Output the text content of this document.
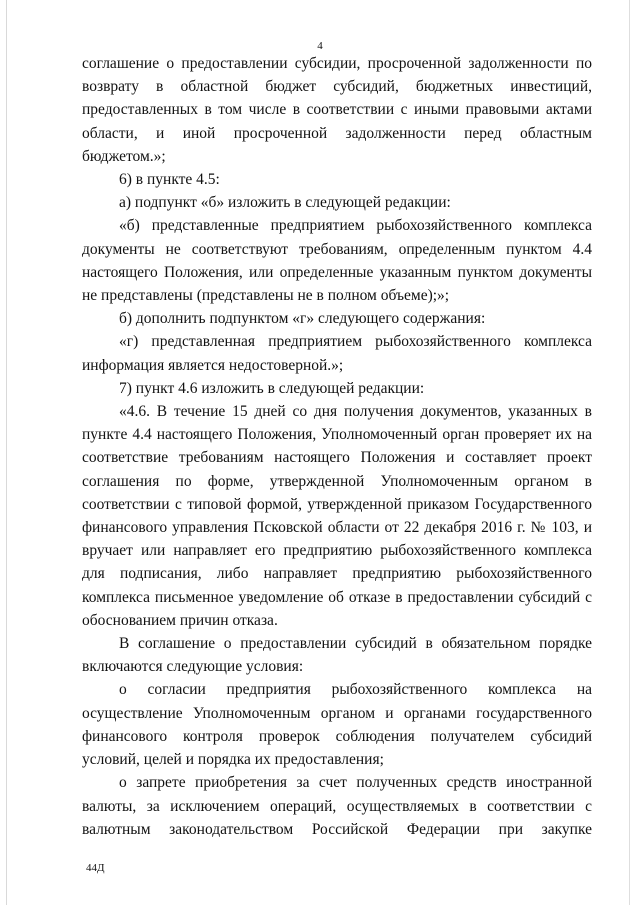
4

соглашение о предоставлении субсидии, просроченной задолженности по возврату в областной бюджет субсидий, бюджетных инвестиций, предоставленных в том числе в соответствии с иными правовыми актами области, и иной просроченной задолженности перед областным бюджетом.»;

6) в пункте 4.5:

а) подпункт «б» изложить в следующей редакции:

«б) представленные предприятием рыбохозяйственного комплекса документы не соответствуют требованиям, определенным пунктом 4.4 настоящего Положения, или определенные указанным пунктом документы не представлены (представлены не в полном объеме);»;

б) дополнить подпунктом «г» следующего содержания:

«г) представленная предприятием рыбохозяйственного комплекса информация является недостоверной.»;

7) пункт 4.6 изложить в следующей редакции:

«4.6. В течение 15 дней со дня получения документов, указанных в пункте 4.4 настоящего Положения, Уполномоченный орган проверяет их на соответствие требованиям настоящего Положения и составляет проект соглашения по форме, утвержденной Уполномоченным органом в соответствии с типовой формой, утвержденной приказом Государственного финансового управления Псковской области от 22 декабря 2016 г. № 103, и вручает или направляет его предприятию рыбохозяйственного комплекса для подписания, либо направляет предприятию рыбохозяйственного комплекса письменное уведомление об отказе в предоставлении субсидий с обоснованием причин отказа.

В соглашение о предоставлении субсидий в обязательном порядке включаются следующие условия:

о согласии предприятия рыбохозяйственного комплекса на осуществление Уполномоченным органом и органами государственного финансового контроля проверок соблюдения получателем субсидий условий, целей и порядка их предоставления;

о запрете приобретения за счет полученных средств иностранной валюты, за исключением операций, осуществляемых в соответствии с валютным законодательством Российской Федерации при закупке

44Д
